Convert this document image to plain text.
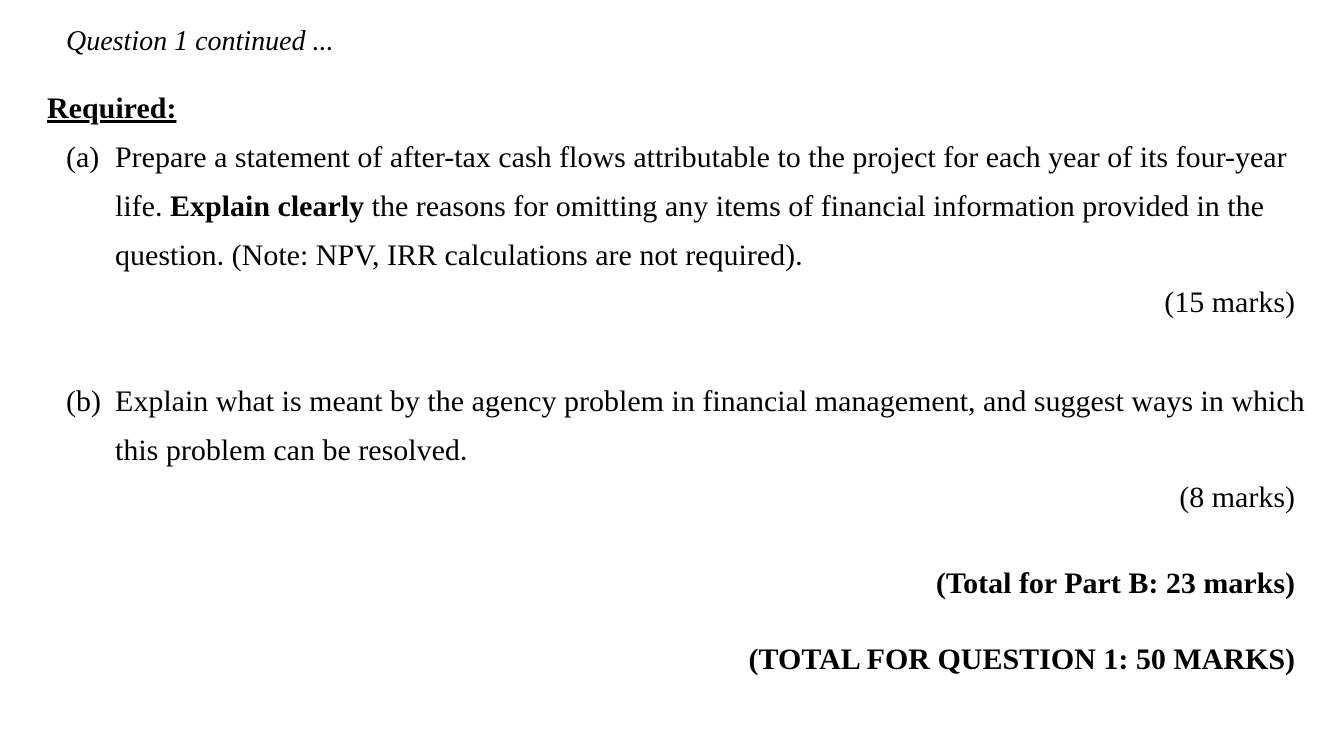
Question 1 continued ...
Required:
(a) Prepare a statement of after-tax cash flows attributable to the project for each year of its four-year life. Explain clearly the reasons for omitting any items of financial information provided in the question. (Note: NPV, IRR calculations are not required).
(15 marks)
(b) Explain what is meant by the agency problem in financial management, and suggest ways in which this problem can be resolved.
(8 marks)
(Total for Part B: 23 marks)
(TOTAL FOR QUESTION 1: 50 MARKS)
